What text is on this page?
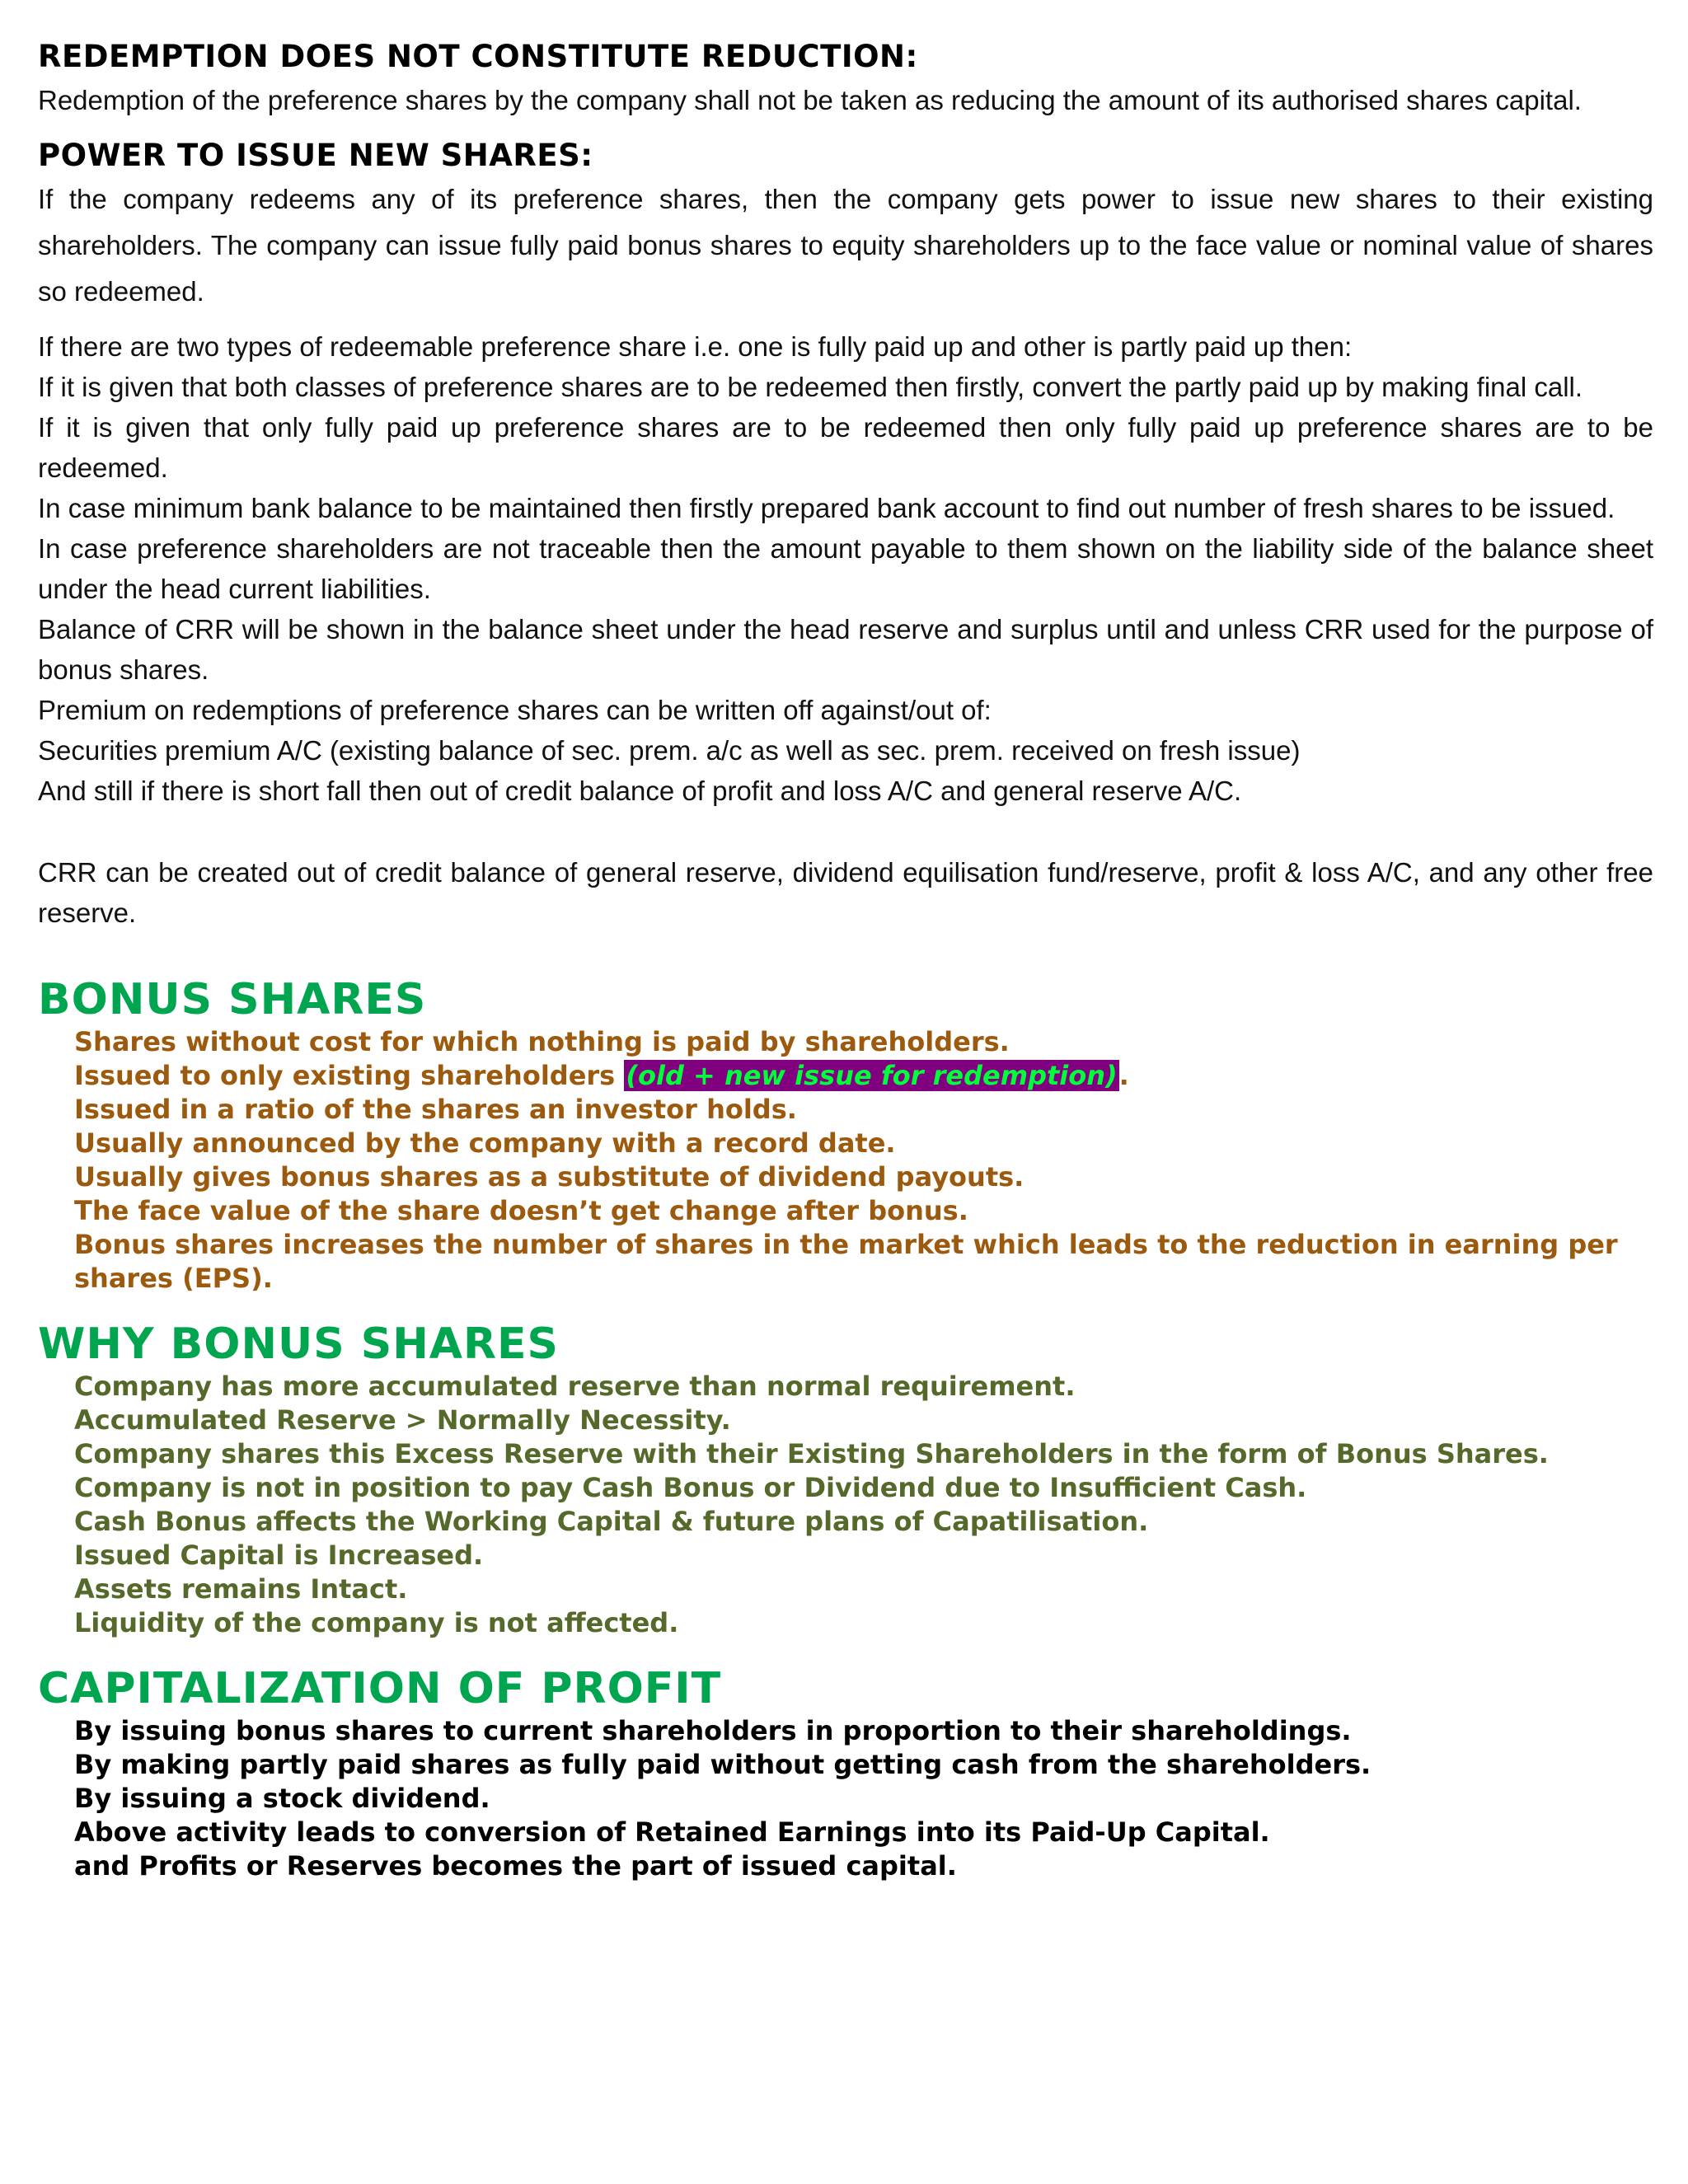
REDEMPTION DOES NOT CONSTITUTE REDUCTION:

Redemption of the preference shares by the company shall not be taken as reducing the amount of its authorised shares capital.

POWER TO ISSUE NEW SHARES:

If the company redeems any of its preference shares, then the company gets power to issue new shares to their existing shareholders. The company can issue fully paid bonus shares to equity shareholders up to the face value or nominal value of shares so redeemed.

If there are two types of redeemable preference share i.e. one is fully paid up and other is partly paid up then:

If it is given that both classes of preference shares are to be redeemed then firstly, convert the partly paid up by making final call.

If it is given that only fully paid up preference shares are to be redeemed then only fully paid up preference shares are to be redeemed.

In case minimum bank balance to be maintained then firstly prepared bank account to find out number of fresh shares to be issued.

In case preference shareholders are not traceable then the amount payable to them shown on the liability side of the balance sheet under the head current liabilities.

Balance of CRR will be shown in the balance sheet under the head reserve and surplus until and unless CRR used for the purpose of bonus shares.

Premium on redemptions of preference shares can be written off against/out of:

Securities premium A/C (existing balance of sec. prem. a/c as well as sec. prem. received on fresh issue)

And still if there is short fall then out of credit balance of profit and loss A/C and general reserve A/C.

CRR can be created out of credit balance of general reserve, dividend equilisation fund/reserve, profit & loss A/C, and any other free reserve.

BONUS SHARES
Shares without cost for which nothing is paid by shareholders.
Issued to only existing shareholders (old + new issue for redemption).
Issued in a ratio of the shares an investor holds.
Usually announced by the company with a record date.
Usually gives bonus shares as a substitute of dividend payouts.
The face value of the share doesn’t get change after bonus.
Bonus shares increases the number of shares in the market which leads to the reduction in earning per shares (EPS).
WHY BONUS SHARES
Company has more accumulated reserve than normal requirement.
Accumulated Reserve > Normally Necessity.
Company shares this Excess Reserve with their Existing Shareholders in the form of Bonus Shares.
Company is not in position to pay Cash Bonus or Dividend due to Insufficient Cash.
Cash Bonus affects the Working Capital & future plans of Capatilisation.
Issued Capital is Increased.
Assets remains Intact.
Liquidity of the company is not affected.
CAPITALIZATION OF PROFIT
By issuing bonus shares to current shareholders in proportion to their shareholdings.
By making partly paid shares as fully paid without getting cash from the shareholders.
By issuing a stock dividend.
Above activity leads to conversion of Retained Earnings into its Paid-Up Capital.
and Profits or Reserves becomes the part of issued capital.
